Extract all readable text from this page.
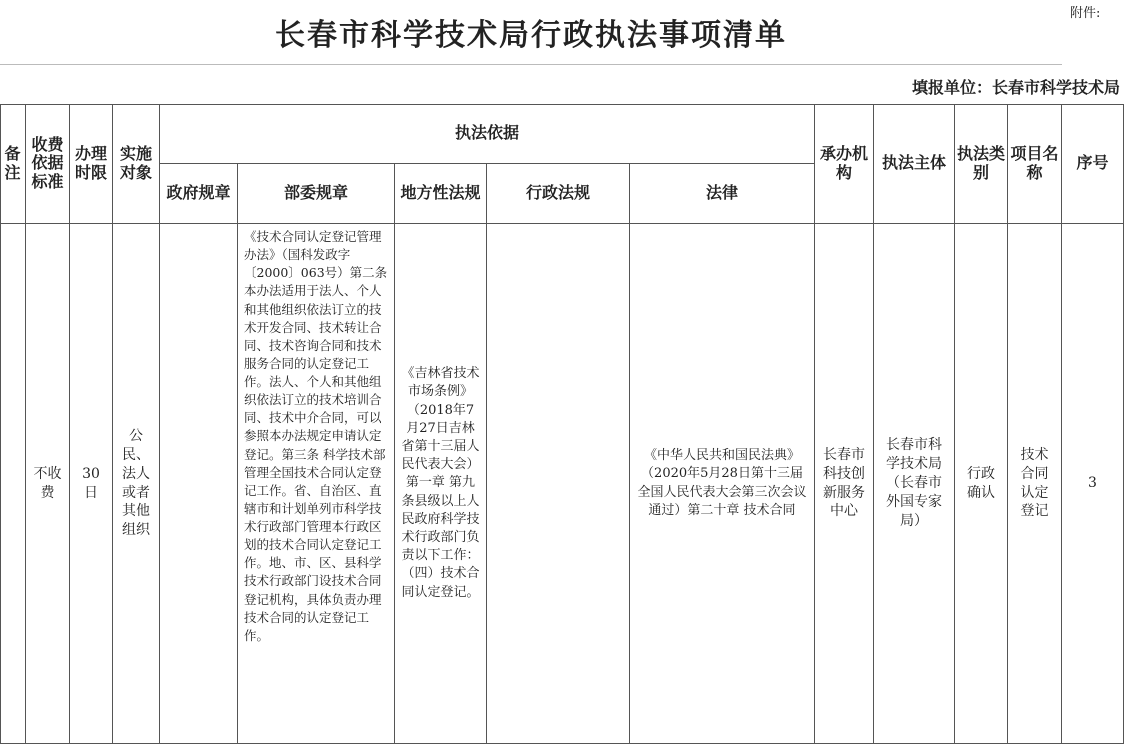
长春市科学技术局行政执法事项清单
附件:
填报单位：长春市科学技术局
序号
项目名称
执法类别
执法主体
承办机构
执法依据
法律
行政法规
地方性法规
部委规章
政府规章
实施对象
办理时限
收费依据标准
备注
3
技术合同认定登记
行政确认
长春市科学技术局（长春市外国专家局）
长春市科技创新服务中心
《中华人民共和国民法典》（2020年5月28日第十三届全国人民代表大会第三次会议通过）第二十章 技术合同
《吉林省技术市场条例》（2018年7月27日吉林省第十三届人民代表大会）第一章 第九条县级以上人民政府科学技术行政部门负责以下工作：（四）技术合同认定登记。
《技术合同认定登记管理办法》（国科发政字〔2000〕063号）第二条 本办法适用于法人、个人和其他组织依法订立的技术开发合同、技术转让合同、技术咨询合同和技术服务合同的认定登记工作。法人、个人和其他组织依法订立的技术培训合同、技术中介合同，可以参照本办法规定申请认定登记。第三条 科学技术部管理全国技术合同认定登记工作。省、自治区、直辖市和计划单列市科学技术行政部门管理本行政区划的技术合同认定登记工作。地、市、区、县科学技术行政部门设技术合同登记机构，具体负责办理技术合同的认定登记工作。
公民、法人或者其他组织
30日
不收费
